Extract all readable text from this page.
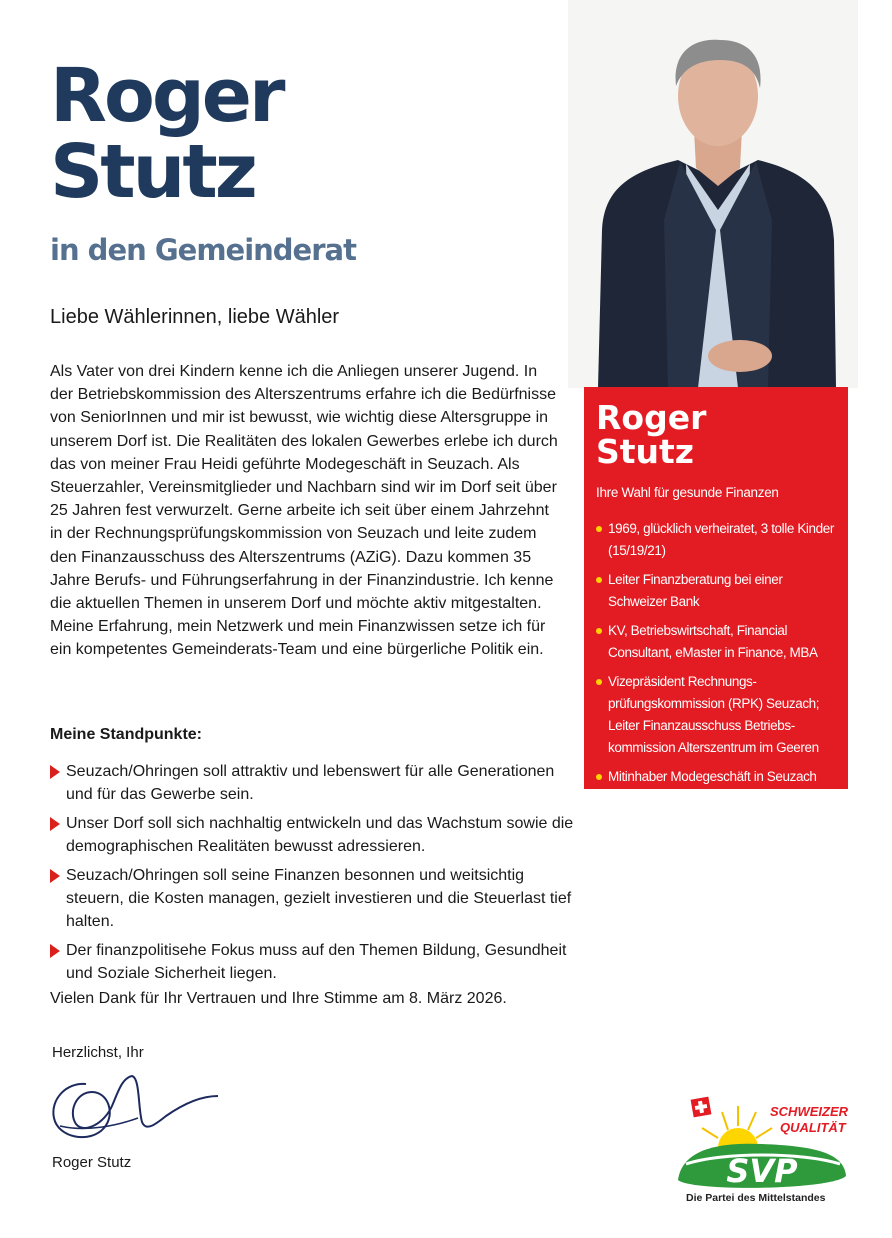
Roger
Stutz
in den Gemeinderat

Liebe Wählerinnen, liebe Wähler

Als Vater von drei Kindern kenne ich die Anliegen unserer Jugend. In der Betriebskommission des Alterszentrums erfahre ich die Bedürfnisse von SeniorInnen und mir ist bewusst, wie wichtig diese Altersgruppe in unserem Dorf ist. Die Realitäten des lokalen Gewerbes erlebe ich durch das von meiner Frau Heidi geführte Modegeschäft in Seuzach. Als Steuerzahler, Vereinsmitglieder und Nachbarn sind wir im Dorf seit über 25 Jahren fest verwurzelt. Gerne arbeite ich seit über einem Jahrzehnt in der Rechnungsprüfungskommission von Seuzach und leite zudem den Finanzausschuss des Alterszentrums (AZiG). Dazu kommen 35 Jahre Berufs- und Führungserfahrung in der Finanzindustrie. Ich kenne die aktuellen Themen in unserem Dorf und möchte aktiv mitgestalten. Meine Erfahrung, mein Netzwerk und mein Finanzwissen setze ich für ein kompetentes Gemeinderats-Team und eine bürgerliche Politik ein.

Meine Standpunkte:

Seuzach/Ohringen soll attraktiv und lebenswert für alle Generationen und für das Gewerbe sein.
Unser Dorf soll sich nachhaltig entwickeln und das Wachstum sowie die demographischen Realitäten bewusst adressieren.
Seuzach/Ohringen soll seine Finanzen besonnen und weitsichtig steuern, die Kosten managen, gezielt investieren und die Steuerlast tief halten.
Der finanzpolitisehe Fokus muss auf den Themen Bildung, Gesundheit und Soziale Sicherheit liegen.

Vielen Dank für Ihr Vertrauen und Ihre Stimme am 8. März 2026.

Herzlichst, Ihr

Roger Stutz

Roger
Stutz

Ihre Wahl für gesunde Finanzen

1969, glücklich verheiratet, 3 tolle Kinder (15/19/21)
Leiter Finanzberatung bei einer Schweizer Bank
KV, Betriebswirtschaft, Financial Consultant, eMaster in Finance, MBA
Vizepräsident Rechnungs-prüfungskommission (RPK) Seuzach; Leiter Finanzausschuss Betriebs-kommission Alterszentrum im Geeren
Mitinhaber Modegeschäft in Seuzach
SCHWEIZER
QUALITÄT
SVP

Die Partei des Mittelstandes
